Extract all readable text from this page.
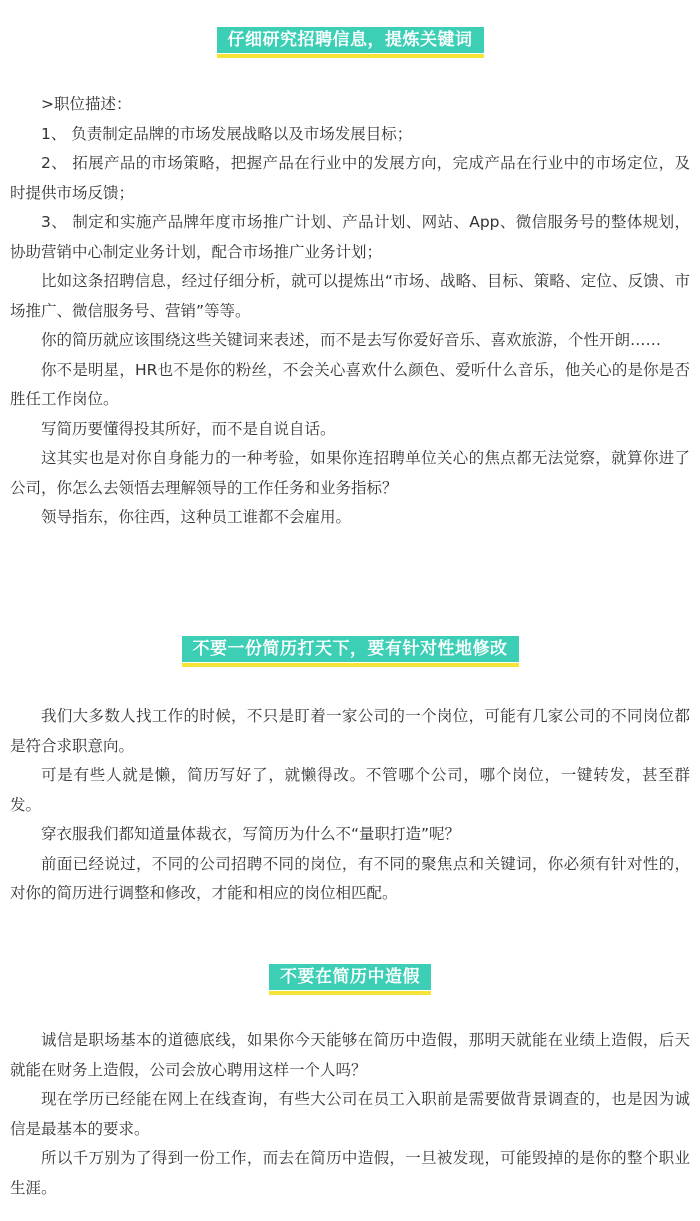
仔细研究招聘信息，提炼关键词

>职位描述：

1、 负责制定品牌的市场发展战略以及市场发展目标；

2、 拓展产品的市场策略，把握产品在行业中的发展方向，完成产品在行业中的市场定位，及时提供市场反馈；

3、 制定和实施产品牌年度市场推广计划、产品计划、网站、App、微信服务号的整体规划，协助营销中心制定业务计划，配合市场推广业务计划；

比如这条招聘信息，经过仔细分析，就可以提炼出“市场、战略、目标、策略、定位、反馈、市场推广、微信服务号、营销”等等。

你的简历就应该围绕这些关键词来表述，而不是去写你爱好音乐、喜欢旅游，个性开朗……

你不是明星，HR也不是你的粉丝，不会关心喜欢什么颜色、爱听什么音乐，他关心的是你是否胜任工作岗位。

写简历要懂得投其所好，而不是自说自话。

这其实也是对你自身能力的一种考验，如果你连招聘单位关心的焦点都无法觉察，就算你进了公司，你怎么去领悟去理解领导的工作任务和业务指标？

领导指东，你往西，这种员工谁都不会雇用。

不要一份简历打天下，要有针对性地修改

我们大多数人找工作的时候，不只是盯着一家公司的一个岗位，可能有几家公司的不同岗位都是符合求职意向。

可是有些人就是懒，简历写好了，就懒得改。不管哪个公司，哪个岗位，一键转发，甚至群发。

穿衣服我们都知道量体裁衣，写简历为什么不“量职打造”呢？

前面已经说过，不同的公司招聘不同的岗位，有不同的聚焦点和关键词，你必须有针对性的，对你的简历进行调整和修改，才能和相应的岗位相匹配。

不要在简历中造假

诚信是职场基本的道德底线，如果你今天能够在简历中造假，那明天就能在业绩上造假，后天就能在财务上造假，公司会放心聘用这样一个人吗？

现在学历已经能在网上在线查询，有些大公司在员工入职前是需要做背景调查的，也是因为诚信是最基本的要求。

所以千万别为了得到一份工作，而去在简历中造假，一旦被发现，可能毁掉的是你的整个职业生涯。
